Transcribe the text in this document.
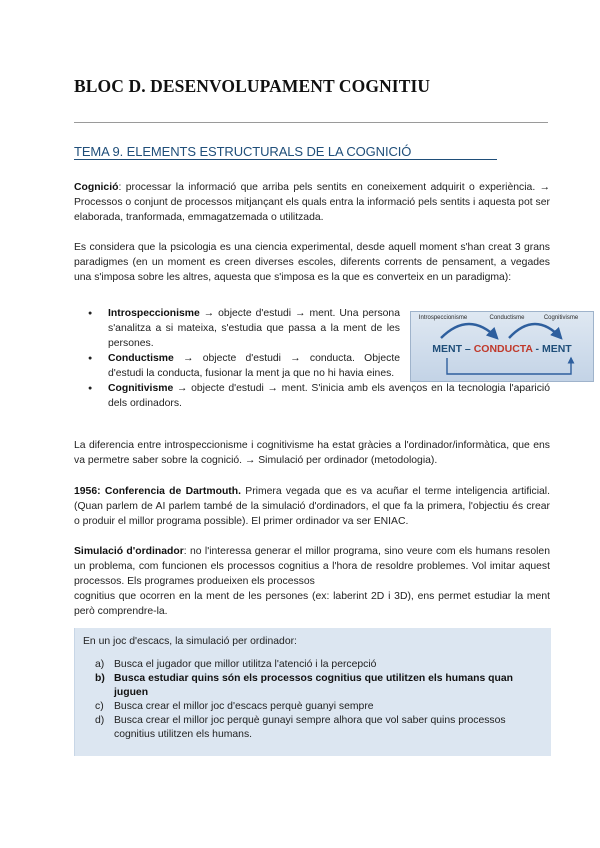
BLOC D. DESENVOLUPAMENT COGNITIU
TEMA 9. ELEMENTS ESTRUCTURALS DE LA COGNICIÓ

Cognició: processar la informació que arriba pels sentits en coneixement adquirit o experiència. → Processos o conjunt de processos mitjançant els quals entra la informació pels sentits i aquesta pot ser elaborada, tranformada, emmagatzemada o utilitzada.

Es considera que la psicologia es una ciencia experimental, desde aquell moment s'han creat 3 grans paradigmes (en un moment es creen diverses escoles, diferents corrents de pensament, a vegades una s'imposa sobre les altres, aquesta que s'imposa es la que es converteix en un paradigma):

● Introspeccionisme → objecte d'estudi → ment. Una persona s'analitza a si mateixa, s'estudia que passa a la ment de les persones.
● Conductisme → objecte d'estudi → conducta. Objecte d'estudi la conducta, fusionar la ment ja que no hi havia eines.
● Cognitivisme → objecte d'estudi → ment. S'inicia amb els avenços en la tecnologia l'aparició dels ordinadors.
Introspeccionisme	Conductisme	Cognitivisme
MENT – CONDUCTA - MENT

La diferencia entre introspeccionisme i cognitivisme ha estat gràcies a l'ordinador/informàtica, que ens va permetre saber sobre la cognició. → Simulació per ordinador (metodologia).

1956: Conferencia de Dartmouth. Primera vegada que es va acuñar el terme inteligencia artificial. (Quan parlem de AI parlem també de la simulació d'ordinadors, el que fa la primera, l'objectiu és crear o produir el millor programa possible). El primer ordinador va ser ENIAC.

Simulació d'ordinador: no l'interessa generar el millor programa, sino veure com els humans resolen un problema, com funcionen els processos cognitius a l'hora de resoldre problemes. Vol imitar aquest processos. Els programes produeixen els processos

cognitius que ocorren en la ment de les persones (ex: laberint 2D i 3D), ens permet estudiar la ment però comprendre-la.

En un joc d'escacs, la simulació per ordinador:

a) Busca el jugador que millor utilitza l'atenció i la percepció
b) Busca estudiar quins són els processos cognitius que utilitzen els humans quan juguen
c) Busca crear el millor joc d'escacs perquè guanyi sempre
d) Busca crear el millor joc perquè gunayi sempre alhora que vol saber quins processos cognitius utilitzen els humans.
